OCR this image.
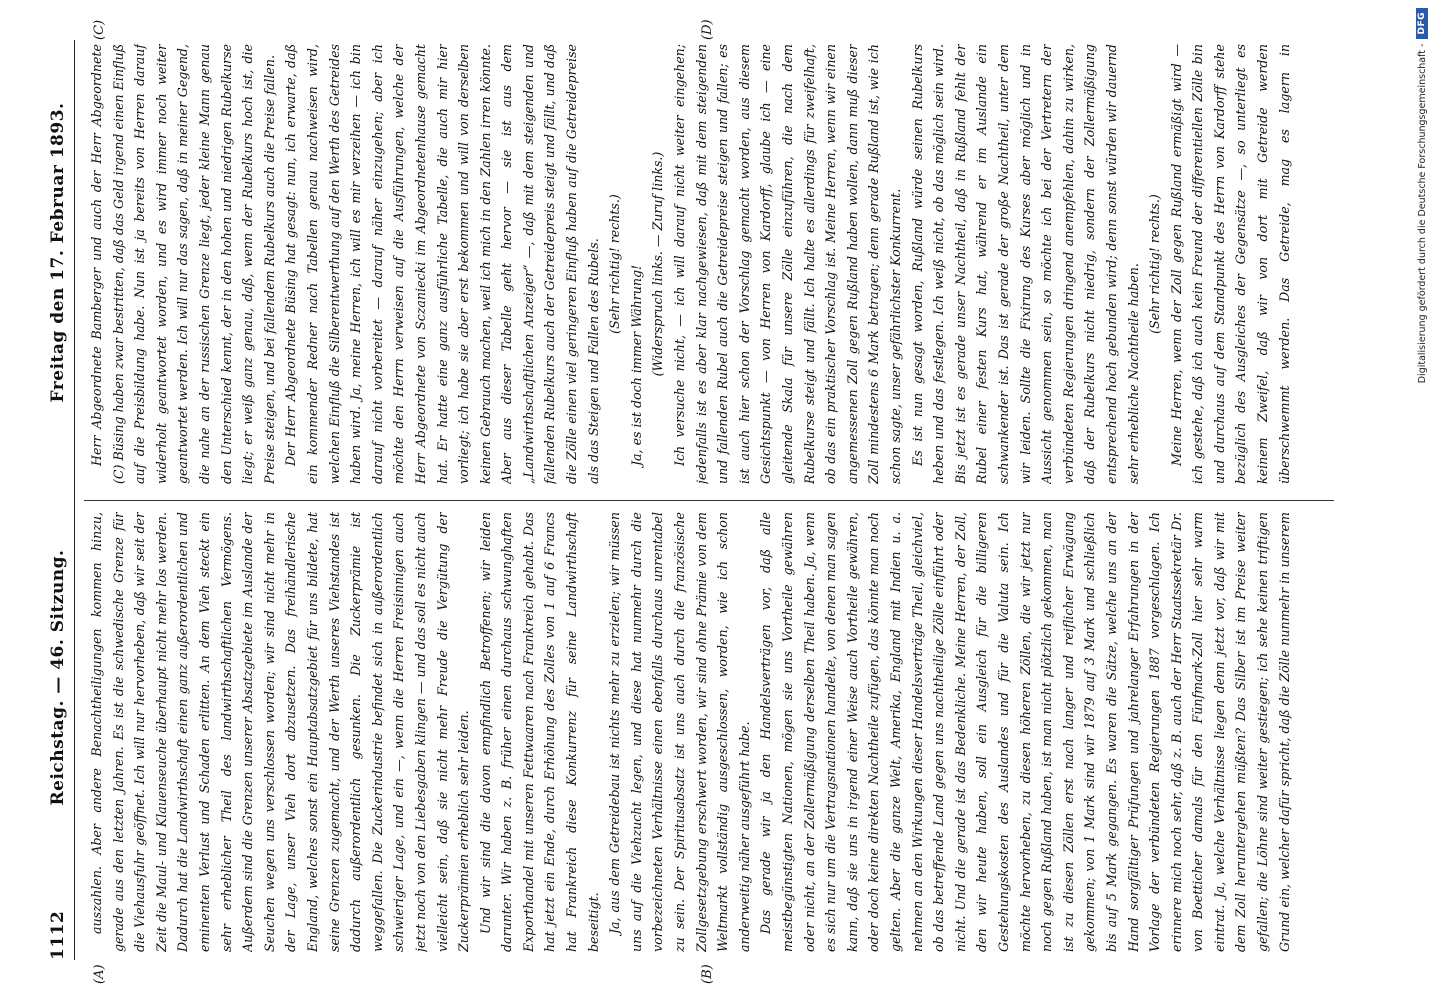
1112
Reichstag. — 46. Sitzung.
Freitag den 17. Februar 1893.
(A)	(B)
(C)	(D)

auszahlen. Aber andere Benachtheiligungen kommen hinzu, gerade aus den letzten Jahren. Es ist die schwedische Grenze für die Viehausfuhr geöffnet. Ich will nur hervorheben, daß wir seit der Zeit die Maul- und Klauenseuche überhaupt nicht mehr los werden. Dadurch hat die Landwirthschaft einen ganz außerordentlichen und eminenten Verlust und Schaden erlitten. An dem Vieh steckt ein sehr erheblicher Theil des landwirthschaftlichen Vermögens. Außerdem sind die Grenzen unserer Absatzgebiete im Auslande der Seuchen wegen uns verschlossen worden; wir sind nicht mehr in der Lage, unser Vieh dort abzusetzen. Das freihändlerische England, welches sonst ein Hauptabsatzgebiet für uns bildete, hat seine Grenzen zugemacht, und der Werth unseres Viehstandes ist dadurch außerordentlich gesunken. Die Zuckerprämie ist weggefallen. Die Zuckerindustrie befindet sich in außerordentlich schwieriger Lage, und ein —, wenn die Herren Freisinnigen auch jetzt noch von den Liebesgaben klingen — und das soll es nicht auch vielleicht sein, daß sie nicht mehr Freude die Vergütung der Zuckerprämien erheblich sehr leiden. Und wir sind die davon empfindlich Betroffenen; wir leiden darunter. Wir haben z. B. früher einen durchaus schwunghaften Exporthandel mit unseren Fettwaaren nach Frankreich gehabt. Das hat jetzt ein Ende, durch Erhöhung des Zolles von 1 auf 6 Francs hat Frankreich diese Konkurrenz für seine Landwirthschaft beseitigt. Ja, aus dem Getreidebau ist nichts mehr zu erzielen; wir müssen uns auf die Viehzucht legen, und diese hat nunmehr durch die vorbezeichneten Verhältnisse einen ebenfalls durchaus unrentabel zu sein. Der Spiritusabsatz ist uns auch durch die französische Zollgesetzgebung erschwert worden, wir sind ohne Prämie von dem Weltmarkt vollständig ausgeschlossen, worden, wie ich schon anderweitig näher ausgeführt habe. Das gerade wir ja den Handelsverträgen vor, daß alle meistbegünstigten Nationen, mögen sie uns Vortheile gewähren oder nicht, an der Zollermäßigung derselben Theil haben. Ja, wenn es sich nur um die Vertragsnationen handelte, von denen man sagen kann, daß sie uns in irgend einer Weise auch Vortheile gewähren, oder doch keine direkten Nachtheile zufügen, das könnte man noch gelten. Aber die ganze Welt, Amerika, England mit Indien u. a. nehmen an den Wirkungen dieser Handelsverträge Theil, gleichviel, ob das betreffende Land gegen uns nachtheilige Zölle einführt oder nicht. Und die gerade ist das Bedenkliche. Meine Herren, der Zoll, den wir heute haben, soll ein Ausgleich für die billigeren Gestehungskosten des Auslandes und für die Valuta sein. Ich möchte hervorheben, zu diesen höheren Zöllen, die wir jetzt nur noch gegen Rußland haben, ist man nicht plötzlich gekommen, man ist zu diesen Zöllen erst nach langer und reiflicher Erwägung gekommen; von 1 Mark sind wir 1879 auf 3 Mark und schließlich bis auf 5 Mark gegangen. Es waren die Sätze, welche uns an der Hand sorgfältiger Prüfungen und jahrelanger Erfahrungen in der Vorlage der verbündeten Regierungen 1887 vorgeschlagen. Ich erinnere mich noch sehr, daß z. B. auch der Herr Staatssekretär Dr. von Boetticher damals für den Fünfmark-Zoll hier sehr warm eintrat. Ja, welche Verhältnisse liegen denn jetzt vor, daß wir mit dem Zoll heruntergehen müßten? Das Silber ist im Preise weiter gefallen; die Löhne sind weiter gestiegen; ich sehe keinen triftigen Grund ein, welcher dafür spricht, daß die Zölle nunmehr in unserem

Herr Abgeordnete Bamberger und auch der Herr Abgeordnete (C) Büsing haben zwar bestritten, daß das Geld irgend einen Einfluß auf die Preisbildung habe. Nun ist ja bereits von Herren darauf widerholt geantwortet worden, und es wird immer noch weiter geantwortet werden. Ich will nur das sagen, daß in meiner Gegend, die nahe an der russischen Grenze liegt, jeder kleine Mann genau den Unterschied kennt, der in den hohen und niedrigen Rubelkurse liegt; er weiß ganz genau, daß, wenn der Rubelkurs hoch ist, die Preise steigen, und bei fallendem Rubelkurs auch die Preise fallen. Der Herr Abgeordnete Büsing hat gesagt: nun, ich erwarte, daß ein kommender Redner nach Tabellen genau nachweisen wird, welchen Einfluß die Silberentwerthung auf den Werth des Getreides haben wird. Ja, meine Herren, ich will es mir verzeihen — ich bin darauf nicht vorbereitet — darauf näher einzugehen; aber ich möchte den Herrn verweisen auf die Ausführungen, welche der Herr Abgeordnete von Sczaniecki im Abgeordnetenhause gemacht hat. Er hatte eine ganz ausführliche Tabelle, die auch mir hier vorliegt; ich habe sie aber erst bekommen und will von derselben keinen Gebrauch machen, weil ich mich in den Zahlen irren könnte. Aber aus dieser Tabelle geht hervor — sie ist aus dem „Landwirthschaftlichen Anzeiger“ —, daß mit dem steigenden und fallenden Rubelkurs auch der Getreidepreis steigt und fällt, und daß die Zölle einen viel geringeren Einfluß haben auf die Getreidepreise als das Steigen und Fallen des Rubels. (Sehr richtig! rechts.)

Ja, es ist doch immer Währung! (Widerspruch links. — Zuruf links.) Ich versuche nicht, — ich will darauf nicht weiter eingehen; jedenfalls ist es aber klar nachgewiesen, daß mit dem steigenden und fallenden Rubel auch die Getreidepreise steigen und fallen; es ist auch hier schon der Vorschlag gemacht worden, aus diesem Gesichtspunkt — von Herren von Kardorff, glaube ich — eine gleitende Skala für unsere Zölle einzuführen, die nach dem Rubelkurse steigt und fällt. Ich halte es allerdings für zweifelhaft, ob das ein praktischer Vorschlag ist. Meine Herren, wenn wir einen angemessenen Zoll gegen Rußland haben wollen, dann muß dieser Zoll mindestens 6 Mark betragen; denn gerade Rußland ist, wie ich schon sagte, unser gefährlichster Konkurrent. Es ist nun gesagt worden, Rußland würde seinen Rubelkurs heben und das festlegen. Ich weiß nicht, ob das möglich sein wird. Bis jetzt ist es gerade unser Nachtheil, daß in Rußland fehlt der Rubel einer festen Kurs hat, während er im Auslande ein schwankender ist. Das ist gerade der große Nachtheil, unter dem wir leiden. Sollte die Fixirung des Kurses aber möglich und in Aussicht genommen sein, so möchte ich bei der Vertretern der verbündeten Regierungen dringend anempfehlen, dahin zu wirken, daß der Rubelkurs nicht niedrig, sondern der Zollermäßigung entsprechend hoch gebunden wird; denn sonst würden wir dauernd sehr erhebliche Nachtheile haben. (Sehr richtig! rechts.)

Meine Herren, wenn der Zoll gegen Rußland ermäßigt wird — ich gestehe, daß ich auch kein Freund der differentiellen Zölle bin und durchaus auf dem Standpunkt des Herrn von Kardorff stehe bezüglich des Ausgleiches der Gegensätze —, so unterliegt es keinem Zweifel, daß wir von dort mit Getreide werden überschwemmt werden. Das Getreide, mag es lagern in	Digitalisierung gefördert durch die Deutsche Forschungsgemeinschaft -
DFG
